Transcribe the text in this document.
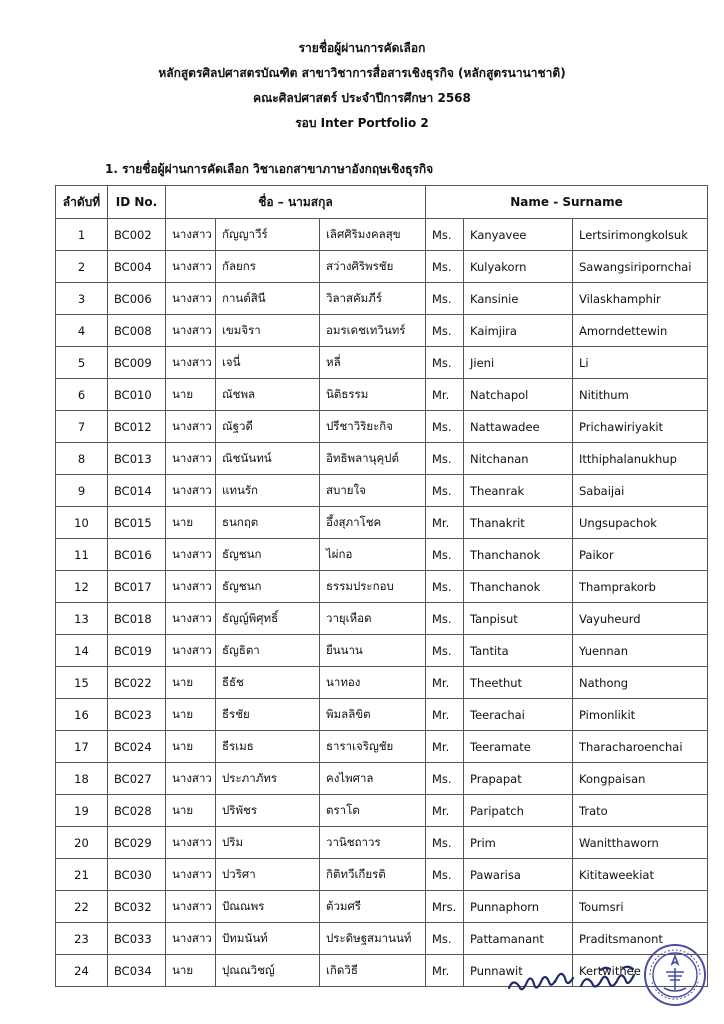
รายชื่อผู้ผ่านการคัดเลือก
หลักสูตรศิลปศาสตรบัณฑิต สาขาวิชาการสื่อสารเชิงธุรกิจ (หลักสูตรนานาชาติ)
คณะศิลปศาสตร์ ประจำปีการศึกษา 2568
รอบ Inter Portfolio 2
1. รายชื่อผู้ผ่านการคัดเลือก วิชาเอกสาขาภาษาอังกฤษเชิงธุรกิจ
ลำดับที่	ID No.	ชื่อ – นามสกุล			Name - Surname		
1	BC002	นางสาว	กัญญาวีร์	เลิศศิริมงคลสุข	Ms.	Kanyavee	Lertsirimongkolsuk
2	BC004	นางสาว	กัลยกร	สว่างศิริพรชัย	Ms.	Kulyakorn	Sawangsiripornchai
3	BC006	นางสาว	กานต์สินี	วิลาสคัมภีร์	Ms.	Kansinie	Vilaskhamphir
4	BC008	นางสาว	เขมจิรา	อมรเดชเทวินทร์	Ms.	Kaimjira	Amorndettewin
5	BC009	นางสาว	เจนี่	หลี่	Ms.	Jieni	Li
6	BC010	นาย	ณัชพล	นิติธรรม	Mr.	Natchapol	Nitithum
7	BC012	นางสาว	ณัฐวดี	ปรีชาวิริยะกิจ	Ms.	Nattawadee	Prichawiriyakit
8	BC013	นางสาว	ณิชนันทน์	อิทธิพลานุคุปต์	Ms.	Nitchanan	Itthiphalanukhup
9	BC014	นางสาว	แทนรัก	สบายใจ	Ms.	Theanrak	Sabaijai
10	BC015	นาย	ธนกฤต	อึ้งสุภาโชค	Mr.	Thanakrit	Ungsupachok
11	BC016	นางสาว	ธัญชนก	ไผ่กอ	Ms.	Thanchanok	Paikor
12	BC017	นางสาว	ธัญชนก	ธรรมประกอบ	Ms.	Thanchanok	Thamprakorb
13	BC018	นางสาว	ธัญญ์พิศุทธิ์	วายุเหือด	Ms.	Tanpisut	Vayuheurd
14	BC019	นางสาว	ธัญธิตา	ยืนนาน	Ms.	Tantita	Yuennan
15	BC022	นาย	ธีธัช	นาทอง	Mr.	Theethut	Nathong
16	BC023	นาย	ธีรชัย	พิมลลิขิต	Mr.	Teerachai	Pimonlikit
17	BC024	นาย	ธีรเมธ	ธาราเจริญชัย	Mr.	Teeramate	Tharacharoenchai
18	BC027	นางสาว	ประภาภัทร	คงไพศาล	Ms.	Prapapat	Kongpaisan
19	BC028	นาย	ปริพัชร	ตราโต	Mr.	Paripatch	Trato
20	BC029	นางสาว	ปริม	วานิชถาวร	Ms.	Prim	Wanitthaworn
21	BC030	นางสาว	ปวริศา	กิติทวีเกียรติ	Ms.	Pawarisa	Kititaweekiat
22	BC032	นางสาว	ปัณณพร	ต้วมศรี	Mrs.	Punnaphorn	Toumsri
23	BC033	นางสาว	ปัทมนันท์	ประดิษฐสมานนท์	Ms.	Pattamanant	Praditsmanont
24	BC034	นาย	ปุณณวิชญ์	เกิดวิธี	Mr.	Punnawit	Kertwithee
